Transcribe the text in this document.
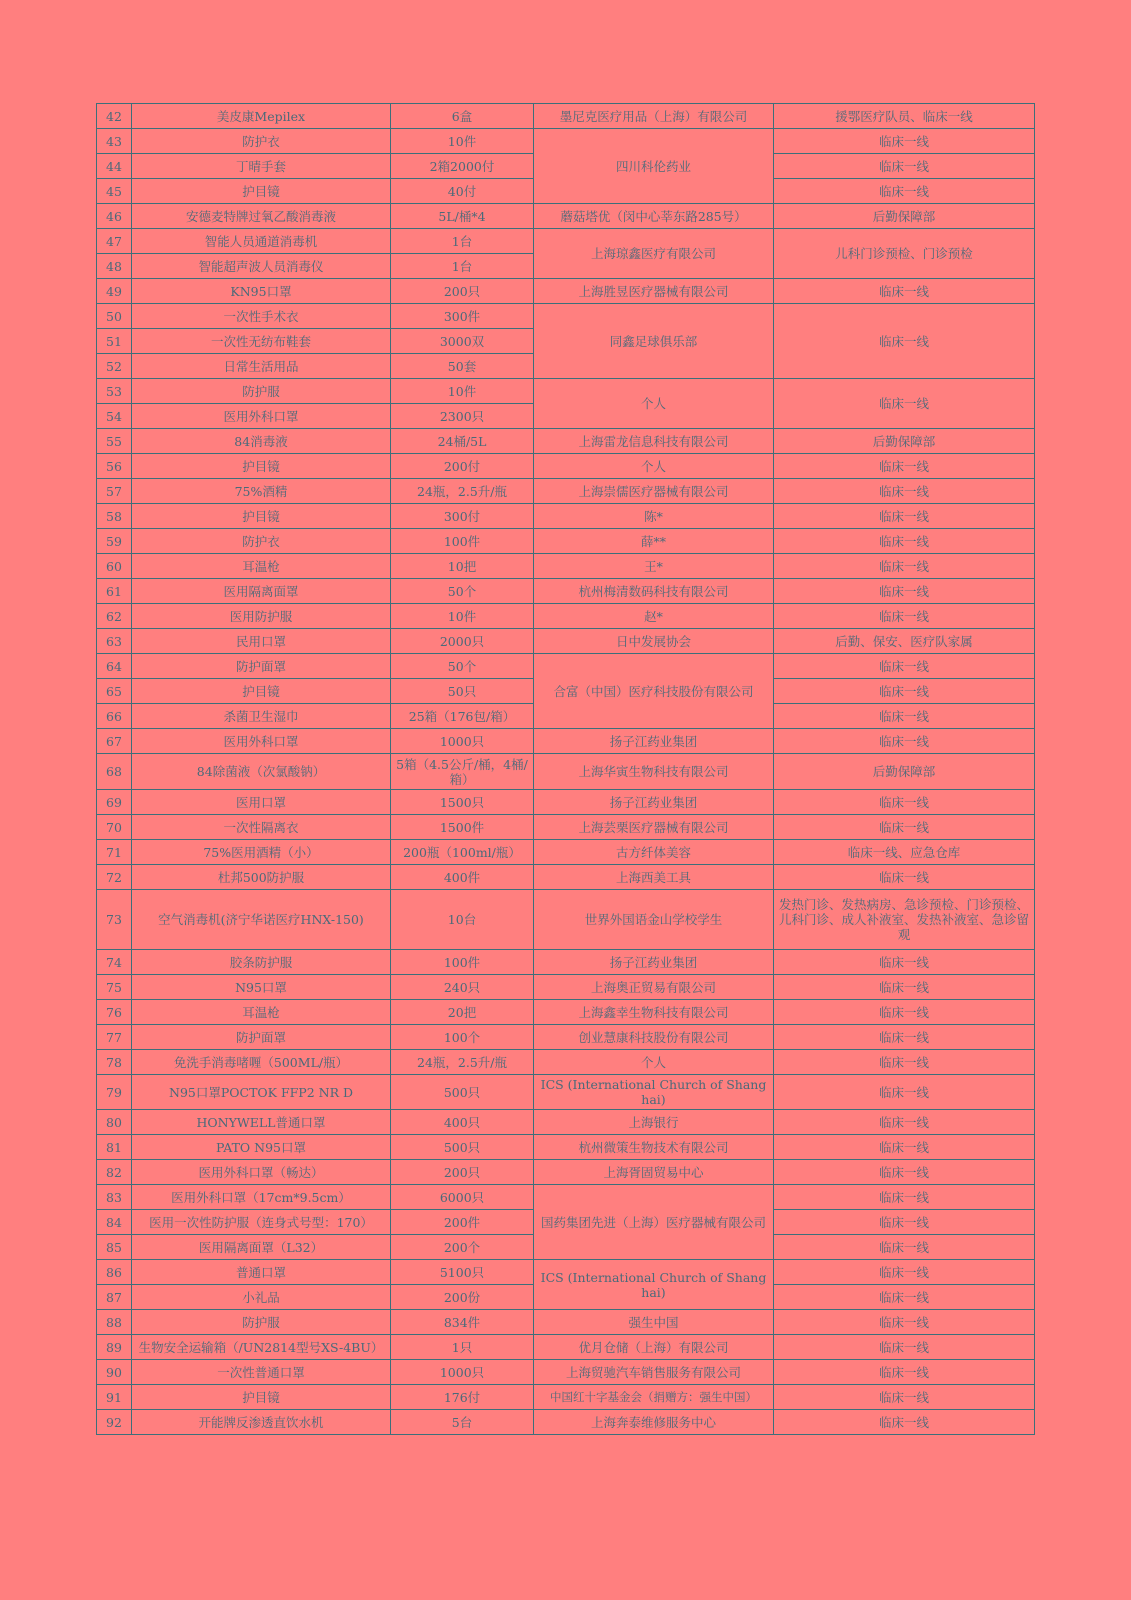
42	美皮康Mepilex	6盒	墨尼克医疗用品（上海）有限公司	援鄂医疗队员、临床一线
43	防护衣	10件	四川科伦药业	临床一线
44	丁晴手套	2箱2000付		临床一线
45	护目镜	40付		临床一线
46	安德麦特牌过氧乙酸消毒液	5L/桶*4	蘑菇塔优（闵中心莘东路285号）	后勤保障部
47	智能人员通道消毒机	1台	上海琼鑫医疗有限公司	儿科门诊预检、门诊预检
48	智能超声波人员消毒仪	1台		
49	KN95口罩	200只	上海胜昱医疗器械有限公司	临床一线
50	一次性手术衣	300件	同鑫足球俱乐部	临床一线
51	一次性无纺布鞋套	3000双		
52	日常生活用品	50套		
53	防护服	10件	个人	临床一线
54	医用外科口罩	2300只		
55	84消毒液	24桶/5L	上海雷龙信息科技有限公司	后勤保障部
56	护目镜	200付	个人	临床一线
57	75%酒精	24瓶，2.5升/瓶	上海崇儒医疗器械有限公司	临床一线
58	护目镜	300付	陈*	临床一线
59	防护衣	100件	薛**	临床一线
60	耳温枪	10把	王*	临床一线
61	医用隔离面罩	50个	杭州梅清数码科技有限公司	临床一线
62	医用防护服	10件	赵*	临床一线
63	民用口罩	2000只	日中发展协会	后勤、保安、医疗队家属
64	防护面罩	50个	合富（中国）医疗科技股份有限公司	临床一线
65	护目镜	50只		临床一线
66	杀菌卫生湿巾	25箱（176包/箱）		临床一线
67	医用外科口罩	1000只	扬子江药业集团	临床一线
68	84除菌液（次氯酸钠）	5箱（4.5公斤/桶，4桶/箱）	上海华寅生物科技有限公司	后勤保障部
69	医用口罩	1500只	扬子江药业集团	临床一线
70	一次性隔离衣	1500件	上海芸栗医疗器械有限公司	临床一线
71	75%医用酒精（小）	200瓶（100ml/瓶）	古方纤体美容	临床一线、应急仓库
72	杜邦500防护服	400件	上海西美工具	临床一线
73	空气消毒机(济宁华诺医疗HNX-150)	10台	世界外国语金山学校学生	发热门诊、发热病房、急诊预检、门诊预检、儿科门诊、成人补液室、发热补液室、急诊留观
74	胶条防护服	100件	扬子江药业集团	临床一线
75	N95口罩	240只	上海奥正贸易有限公司	临床一线
76	耳温枪	20把	上海鑫幸生物科技有限公司	临床一线
77	防护面罩	100个	创业慧康科技股份有限公司	临床一线
78	免洗手消毒啫喱（500ML/瓶）	24瓶，2.5升/瓶	个人	临床一线
79	N95口罩POCTOK FFP2 NR D	500只	ICS (International Church of Shanghai)	临床一线
80	HONYWELL普通口罩	400只	上海银行	临床一线
81	PATO N95口罩	500只	杭州微策生物技术有限公司	临床一线
82	医用外科口罩（畅达）	200只	上海胥固贸易中心	临床一线
83	医用外科口罩（17cm*9.5cm）	6000只	国药集团先进（上海）医疗器械有限公司	临床一线
84	医用一次性防护服（连身式号型：170）	200件		临床一线
85	医用隔离面罩（L32）	200个		临床一线
86	普通口罩	5100只	ICS (International Church of Shanghai)	临床一线
87	小礼品	200份		临床一线
88	防护服	834件	强生中国	临床一线
89	生物安全运输箱（/UN2814型号XS-4BU）	1只	优月仓储（上海）有限公司	临床一线
90	一次性普通口罩	1000只	上海贸驰汽车销售服务有限公司	临床一线
91	护目镜	176付	中国红十字基金会（捐赠方：强生中国）	临床一线
92	开能牌反渗透直饮水机	5台	上海奔泰维修服务中心	临床一线
